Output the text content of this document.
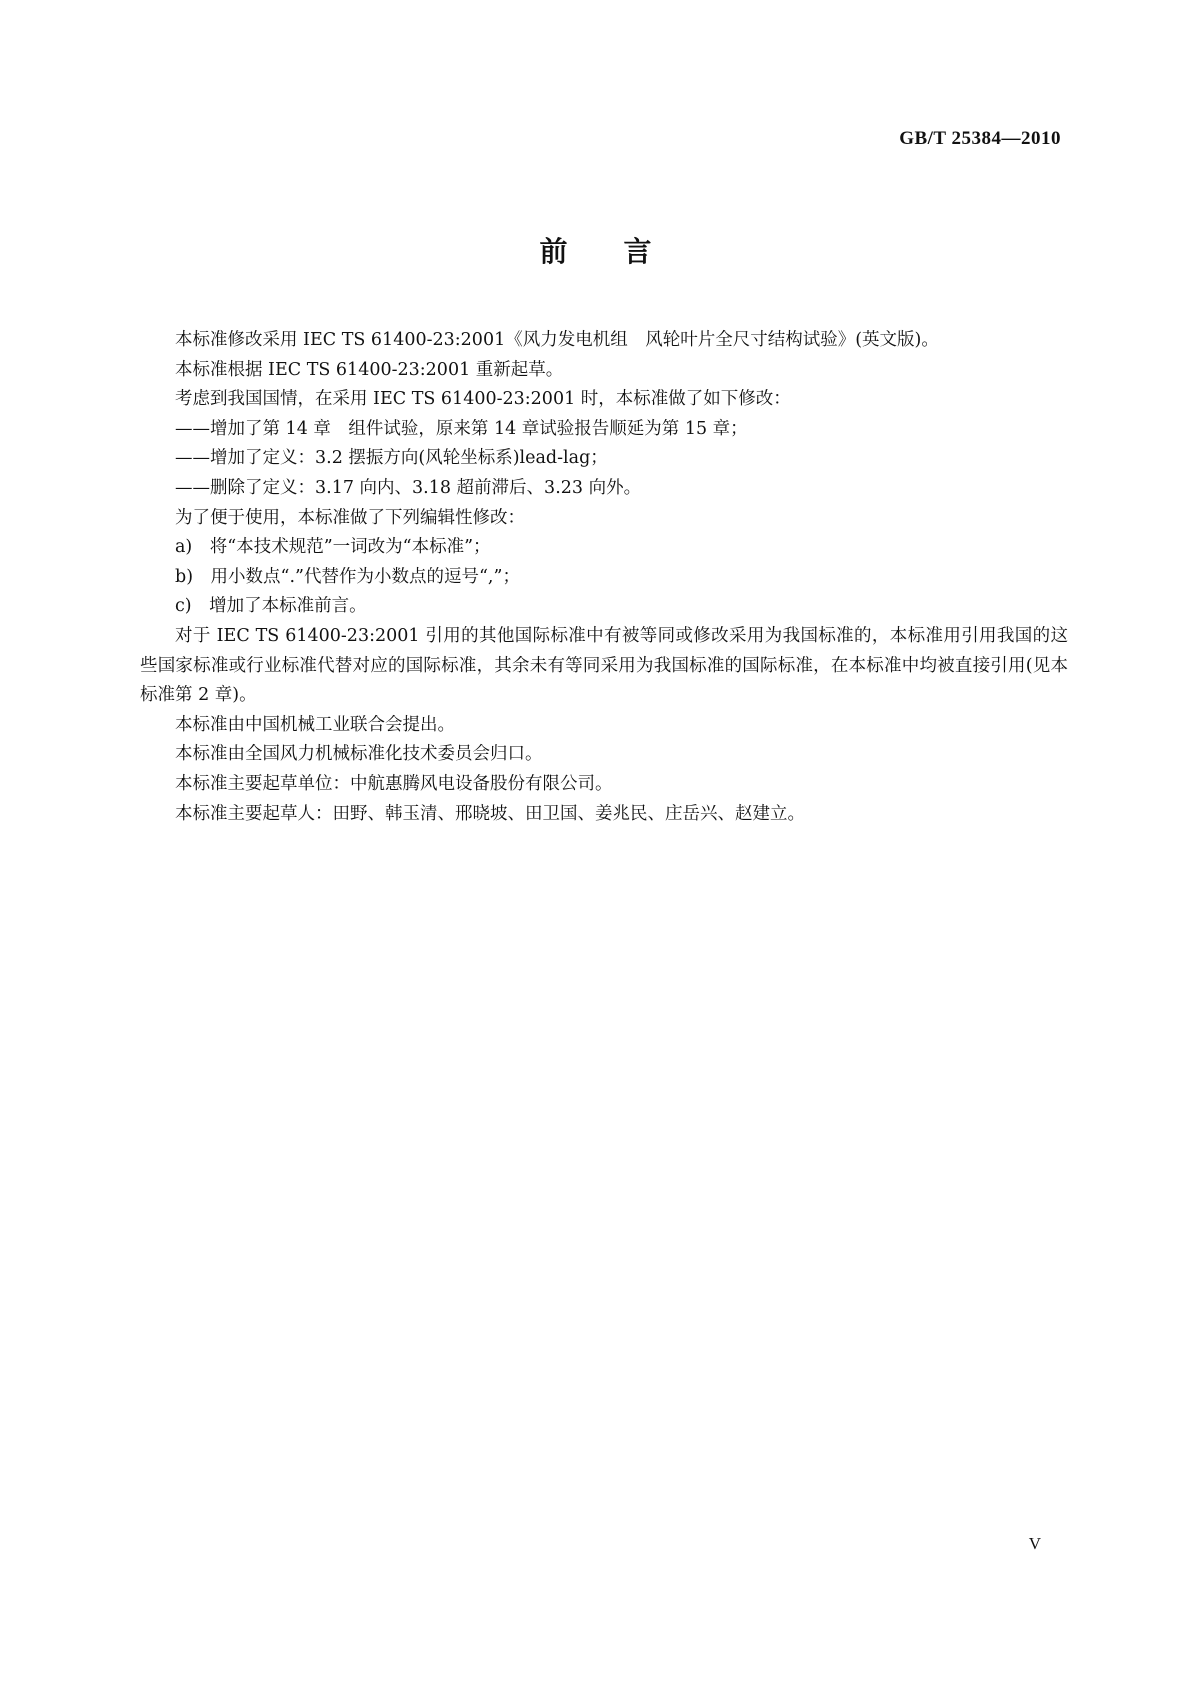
GB/T 25384—2010
前言

本标准修改采用 IEC TS 61400-23:2001《风力发电机组　风轮叶片全尺寸结构试验》(英文版)。

本标准根据 IEC TS 61400-23:2001 重新起草。

考虑到我国国情，在采用 IEC TS 61400-23:2001 时，本标准做了如下修改：

——增加了第 14 章　组件试验，原来第 14 章试验报告顺延为第 15 章；

——增加了定义：3.2 摆振方向(风轮坐标系)lead-lag；

——删除了定义：3.17 向内、3.18 超前滞后、3.23 向外。

为了便于使用，本标准做了下列编辑性修改：

a)　将“本技术规范”一词改为“本标准”；

b)　用小数点“.”代替作为小数点的逗号“,”；

c)　增加了本标准前言。

对于 IEC TS 61400-23:2001 引用的其他国际标准中有被等同或修改采用为我国标准的，本标准用引用我国的这些国家标准或行业标准代替对应的国际标准，其余未有等同采用为我国标准的国际标准，在本标准中均被直接引用(见本标准第 2 章)。

本标准由中国机械工业联合会提出。

本标准由全国风力机械标准化技术委员会归口。

本标准主要起草单位：中航惠腾风电设备股份有限公司。

本标准主要起草人：田野、韩玉清、邢晓坡、田卫国、姜兆民、庄岳兴、赵建立。

V
